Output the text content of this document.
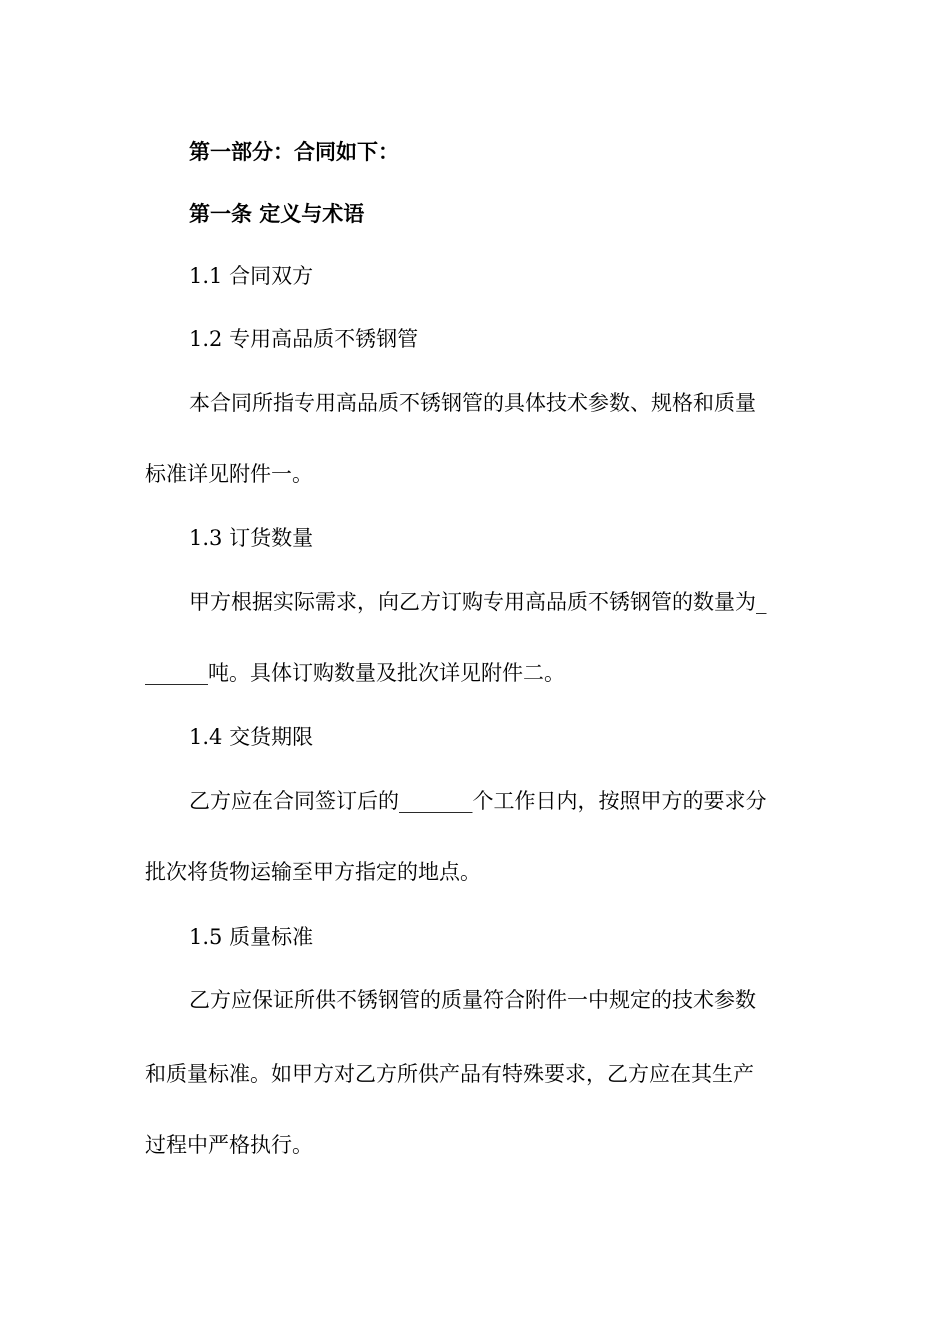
第一部分：合同如下：
第一条 定义与术语
1.1 合同双方
1.2 专用高品质不锈钢管
本合同所指专用高品质不锈钢管的具体技术参数、规格和质量
标准详见附件一。
1.3 订货数量
甲方根据实际需求，向乙方订购专用高品质不锈钢管的数量为_
______吨。具体订购数量及批次详见附件二。
1.4 交货期限
乙方应在合同签订后的_______个工作日内，按照甲方的要求分
批次将货物运输至甲方指定的地点。
1.5 质量标准
乙方应保证所供不锈钢管的质量符合附件一中规定的技术参数
和质量标准。如甲方对乙方所供产品有特殊要求，乙方应在其生产
过程中严格执行。
